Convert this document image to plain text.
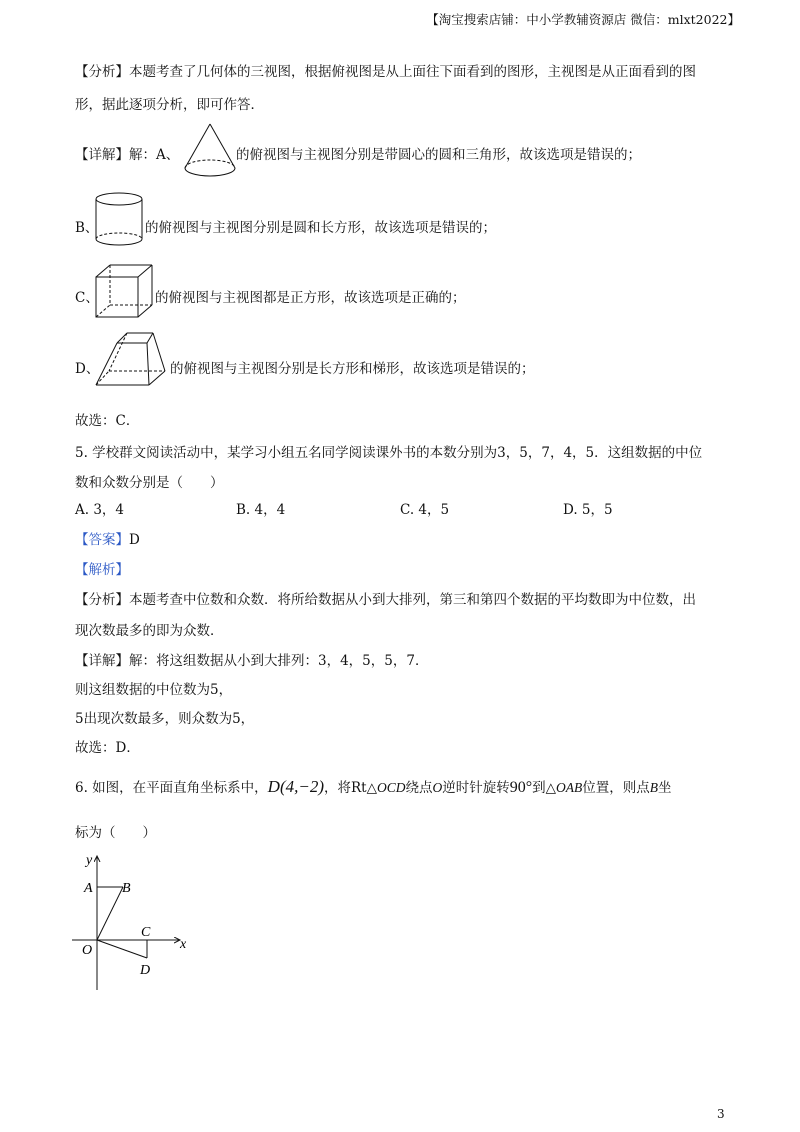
【淘宝搜索店铺：中小学教辅资源店 微信：mlxt2022】
【分析】本题考查了几何体的三视图，根据俯视图是从上面往下面看到的图形，主视图是从正面看到的图
形，据此逐项分析，即可作答．
【详解】解：A、	的俯视图与主视图分别是带圆心的圆和三角形，故该选项是错误的；
B、	的俯视图与主视图分别是圆和长方形，故该选项是错误的；
C、	的俯视图与主视图都是正方形，故该选项是正确的；
D、	的俯视图与主视图分别是长方形和梯形，故该选项是错误的；
故选：C．
5. 学校群文阅读活动中，某学习小组五名同学阅读课外书的本数分别为3，5，7，4，5．这组数据的中位
数和众数分别是（　　）
A. 3，4	B. 4，4	C. 4，5	D. 5，5
【答案】D
【解析】
【分析】本题考查中位数和众数．将所给数据从小到大排列，第三和第四个数据的平均数即为中位数，出
现次数最多的即为众数．
【详解】解：将这组数据从小到大排列：3，4，5，5，7．
则这组数据的中位数为5，
5出现次数最多，则众数为5，
故选：D．
6. 如图，在平面直角坐标系中，D(4,−2)，将Rt△OCD绕点O逆时针旋转90°到△OAB位置，则点B坐
标为（　　）
y
x
A B
C
D
O
3
